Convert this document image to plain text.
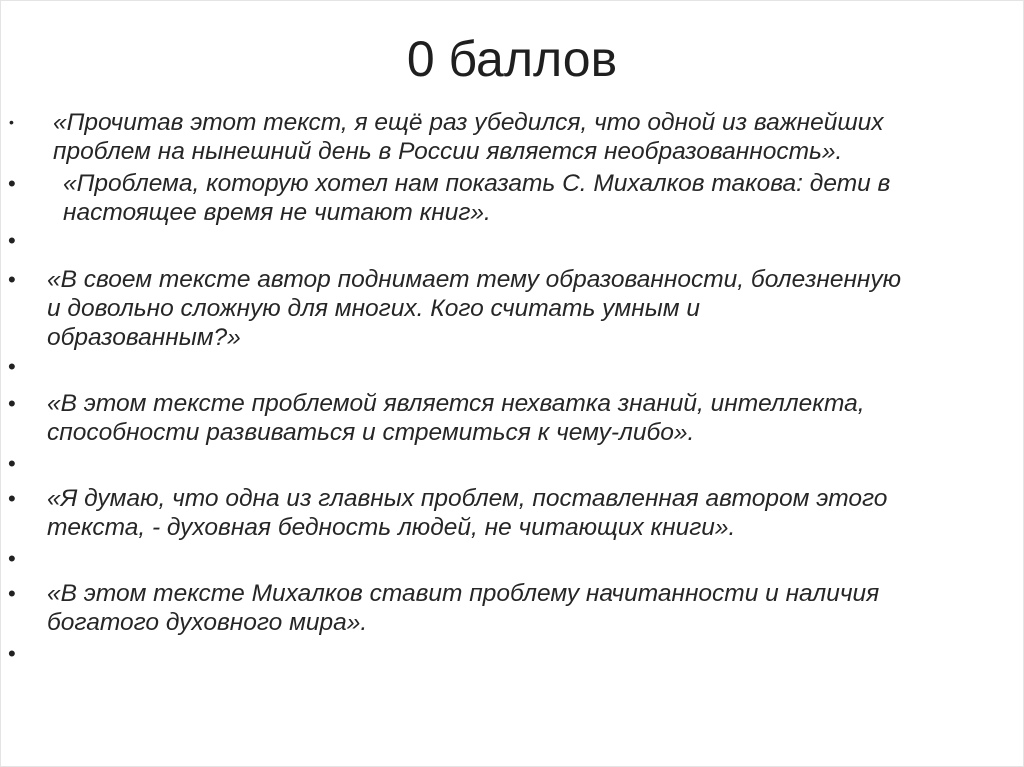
0 баллов
• «Прочитав этот текст, я ещё раз убедился, что одной из важнейших
проблем на нынешний день в России является необразованность».
• «Проблема, которую хотел нам показать С. Михалков такова: дети в
настоящее время не читают книг».
•
• «В своем тексте автор поднимает тему образованности, болезненную
и довольно сложную для многих. Кого считать умным и
образованным?»
•
• «В этом тексте проблемой является нехватка знаний, интеллекта,
способности развиваться и стремиться к чему-либо».
•
• «Я думаю, что одна из главных проблем, поставленная автором этого
текста, - духовная бедность людей, не читающих книги».
•
• «В этом тексте Михалков ставит проблему начитанности и наличия
богатого духовного мира».
•
